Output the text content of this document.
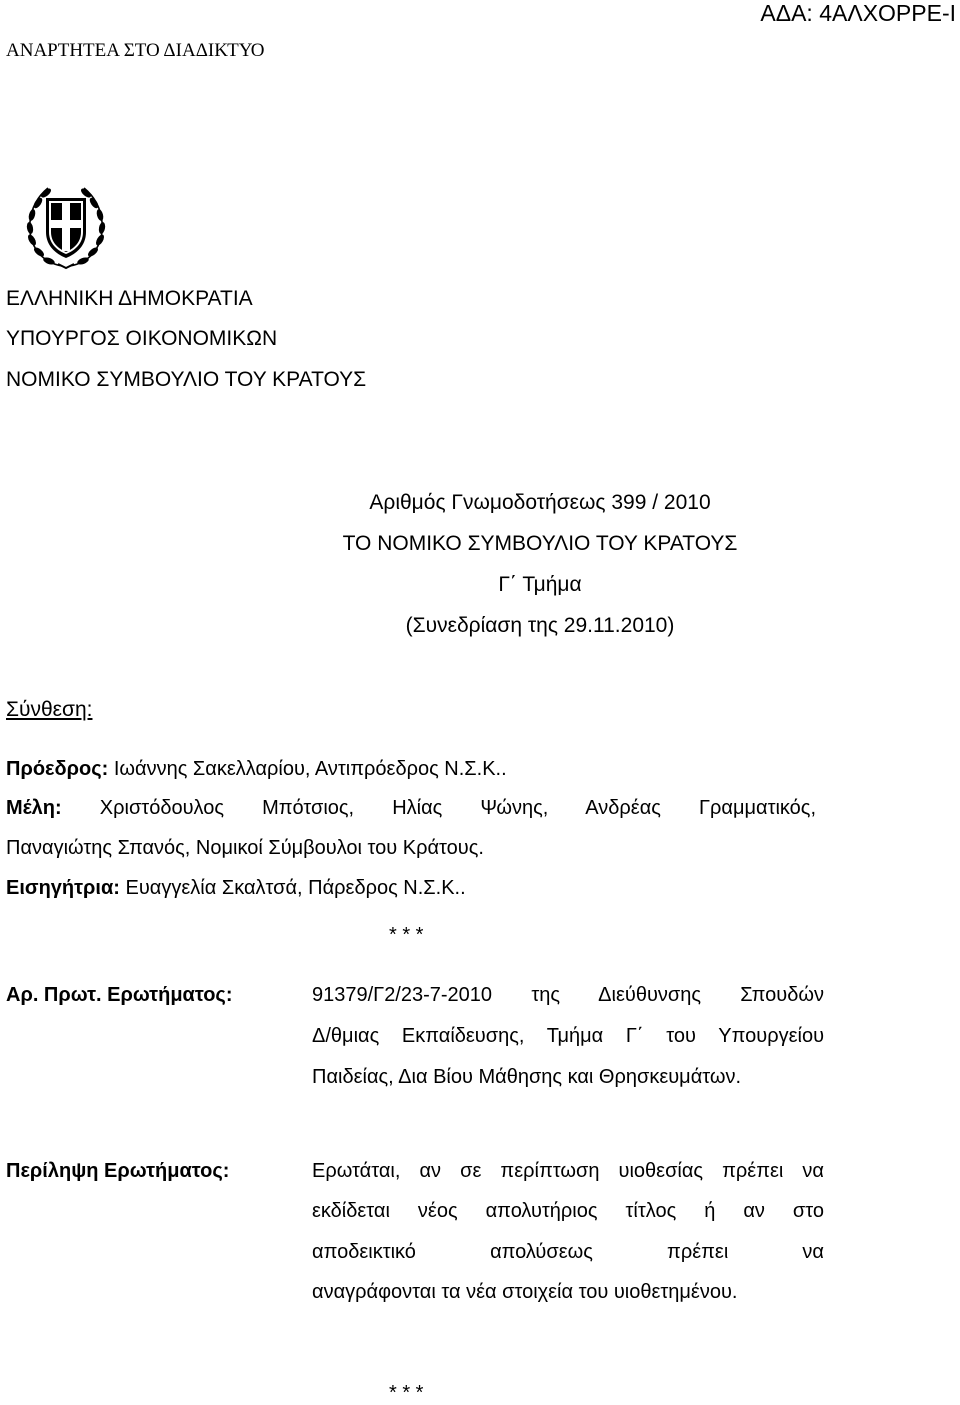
ΑΝΑΡΤΗΤΕΑ ΣΤΟ ΔΙΑΔΙΚΤΥΟ
ΑΔΑ: 4ΑΛΧΟΡΡΕ-Ι
ΕΛΛΗΝΙΚΗ ΔΗΜΟΚΡΑΤΙΑ
ΥΠΟΥΡΓΟΣ ΟΙΚΟΝΟΜΙΚΩΝ
ΝΟΜΙΚΟ ΣΥΜΒΟΥΛΙΟ ΤΟΥ ΚΡΑΤΟΥΣ
Αριθμός Γνωμοδοτήσεως 399 / 2010
ΤΟ ΝΟΜΙΚΟ ΣΥΜΒΟΥΛΙΟ ΤΟΥ ΚΡΑΤΟΥΣ
Γ΄ Τμήμα
(Συνεδρίαση της 29.11.2010)
Σύνθεση:
Πρόεδρος: Ιωάννης Σακελλαρίου, Αντιπρόεδρος Ν.Σ.Κ..
Μέλη: Χριστόδουλος Μπότσιος, Ηλίας Ψώνης, Ανδρέας Γραμματικός,
Παναγιώτης Σπανός, Νομικοί Σύμβουλοι του Κράτους.
Εισηγήτρια: Ευαγγελία Σκαλτσά, Πάρεδρος Ν.Σ.Κ..
* * *
Αρ. Πρωτ. Ερωτήματος:	91379/Γ2/23-7-2010 της Διεύθυνσης Σπουδών
Δ/θμιας Εκπαίδευσης, Τμήμα Γ΄ του Υπουργείου
Παιδείας, Δια Βίου Μάθησης και Θρησκευμάτων.
Περίληψη Ερωτήματος:	Ερωτάται, αν σε περίπτωση υιοθεσίας πρέπει να
εκδίδεται νέος απολυτήριος τίτλος ή αν στο
αποδεικτικό απολύσεως πρέπει να
αναγράφονται τα νέα στοιχεία του υιοθετημένου.
* * *
